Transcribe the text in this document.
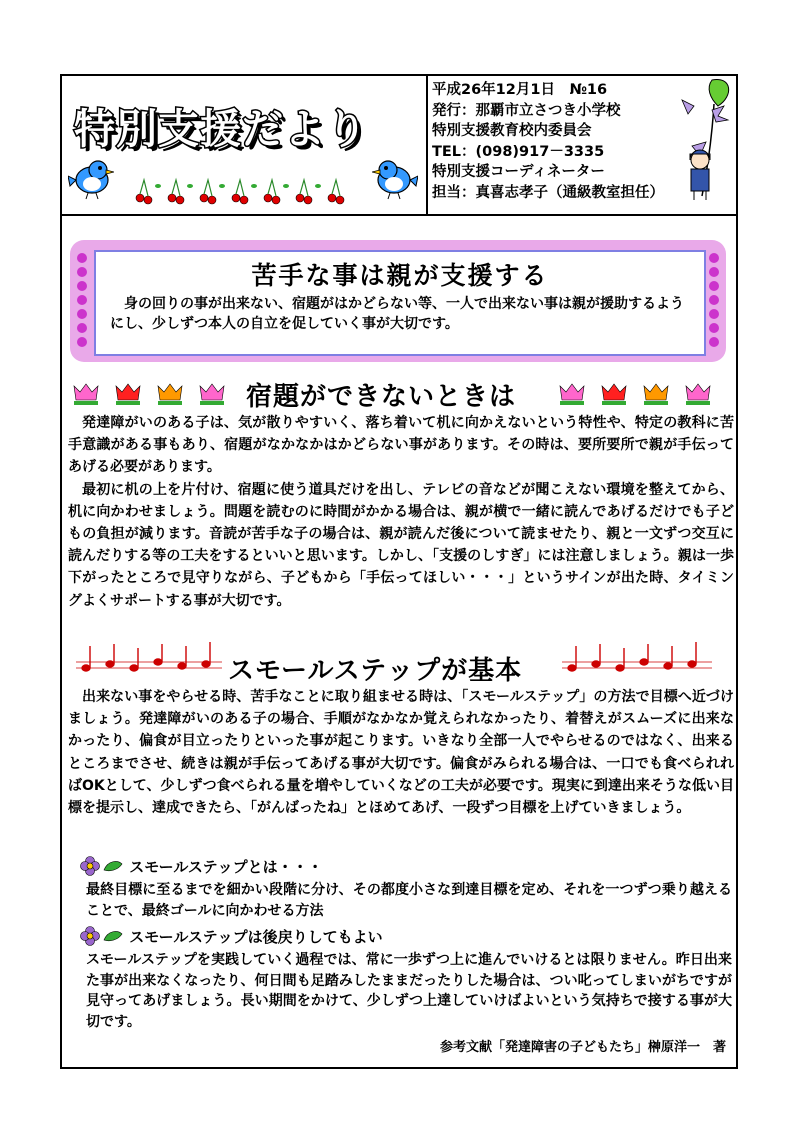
特別支援だより
平成26年12月1日　№16
発行：那覇市立さつき小学校
特別支援教育校内委員会
TEL：(098)917－3335
特別支援コーディネーター
担当：真喜志孝子（通級教室担任）
苦手な事は親が支援する
身の回りの事が出来ない、宿題がはかどらない等、一人で出来ない事は親が援助するようにし、少しずつ本人の自立を促していく事が大切です。
宿題ができないときは

発達障がいのある子は、気が散りやすいく、落ち着いて机に向かえないという特性や、特定の教科に苦手意識がある事もあり、宿題がなかなかはかどらない事があります。その時は、要所要所で親が手伝ってあげる必要があります。

最初に机の上を片付け、宿題に使う道具だけを出し、テレビの音などが聞こえない環境を整えてから、机に向かわせましょう。問題を読むのに時間がかかる場合は、親が横で一緒に読んであげるだけでも子どもの負担が減ります。音読が苦手な子の場合は、親が読んだ後について読ませたり、親と一文ずつ交互に読んだりする等の工夫をするといいと思います。しかし、「支援のしすぎ」には注意しましょう。親は一歩下がったところで見守りながら、子どもから「手伝ってほしい・・・」というサインが出た時、タイミングよくサポートする事が大切です。

スモールステップが基本

出来ない事をやらせる時、苦手なことに取り組ませる時は、「スモールステップ」の方法で目標へ近づけましょう。発達障がいのある子の場合、手順がなかなか覚えられなかったり、着替えがスムーズに出来なかったり、偏食が目立ったりといった事が起こります。いきなり全部一人でやらせるのではなく、出来るところまでさせ、続きは親が手伝ってあげる事が大切です。偏食がみられる場合は、一口でも食べられればOKとして、少しずつ食べられる量を増やしていくなどの工夫が必要です。現実に到達出来そうな低い目標を提示し、達成できたら、「がんばったね」とほめてあげ、一段ずつ目標を上げていきましょう。

スモールステップとは・・・
最終目標に至るまでを細かい段階に分け、その都度小さな到達目標を定め、それを一つずつ乗り越えることで、最終ゴールに向かわせる方法
スモールステップは後戻りしてもよい
スモールステップを実践していく過程では、常に一歩ずつ上に進んでいけるとは限りません。昨日出来た事が出来なくなったり、何日間も足踏みしたままだったりした場合は、つい叱ってしまいがちですが見守ってあげましょう。長い期間をかけて、少しずつ上達していけばよいという気持ちで接する事が大切です。
参考文献「発達障害の子どもたち」榊原洋一　著
